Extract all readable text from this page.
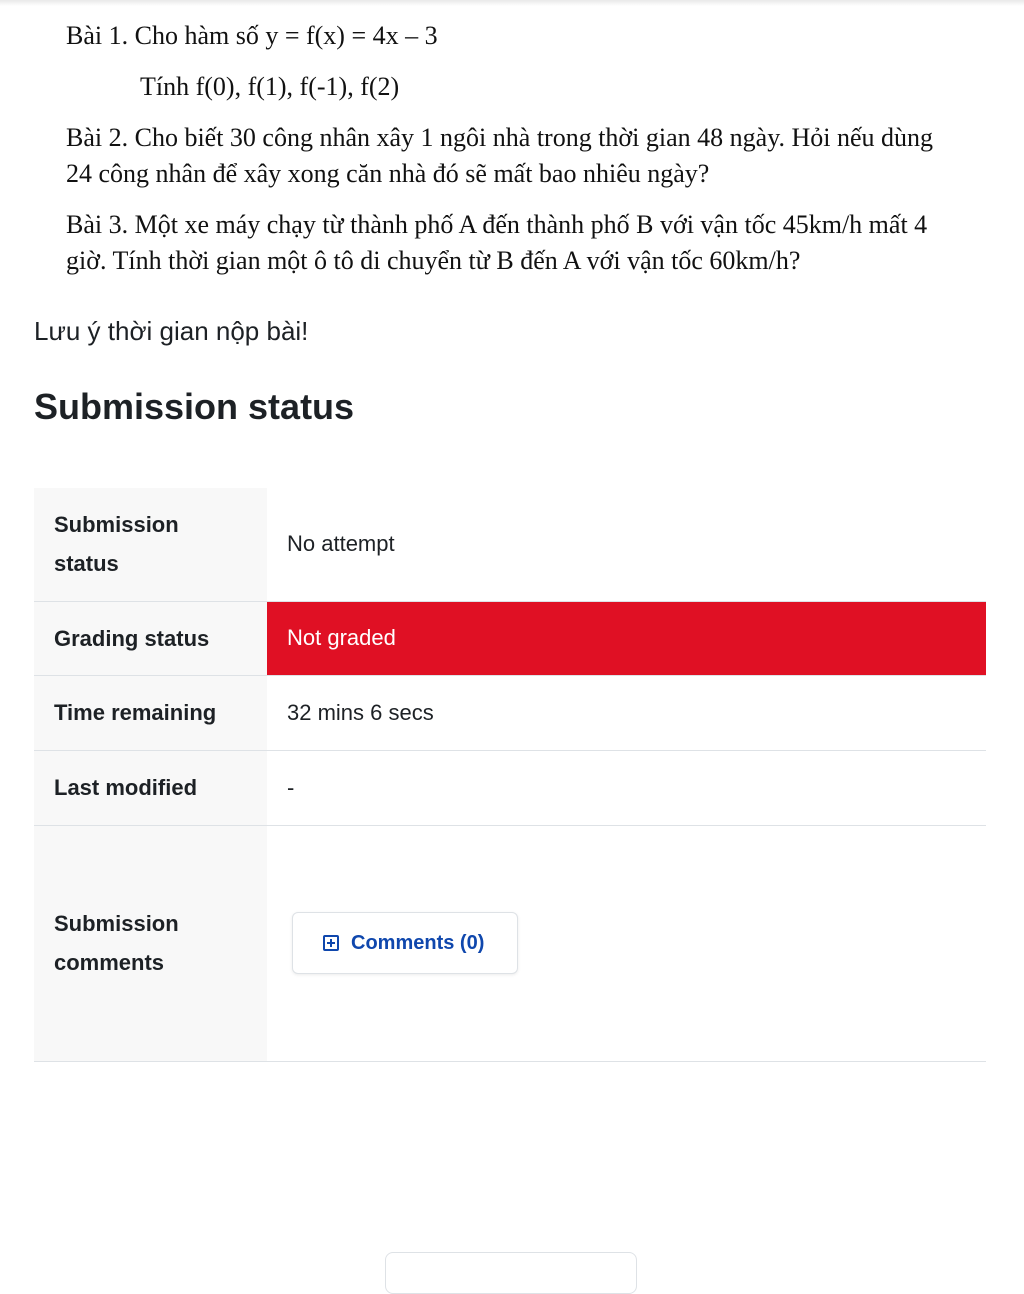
Bài 1. Cho hàm số y = f(x) = 4x – 3

Tính f(0), f(1), f(-1), f(2)

Bài 2. Cho biết 30 công nhân xây 1 ngôi nhà trong thời gian 48 ngày. Hỏi nếu dùng 24 công nhân để xây xong căn nhà đó sẽ mất bao nhiêu ngày?

Bài 3. Một xe máy chạy từ thành phố A đến thành phố B với vận tốc 45km/h mất 4 giờ. Tính thời gian một ô tô di chuyển từ B đến A với vận tốc 60km/h?

Lưu ý thời gian nộp bài!
Submission status
Submission status	No attempt
Grading status	Not graded
Time remaining	32 mins 6 secs
Last modified	-
Submission comments	Comments (0)
